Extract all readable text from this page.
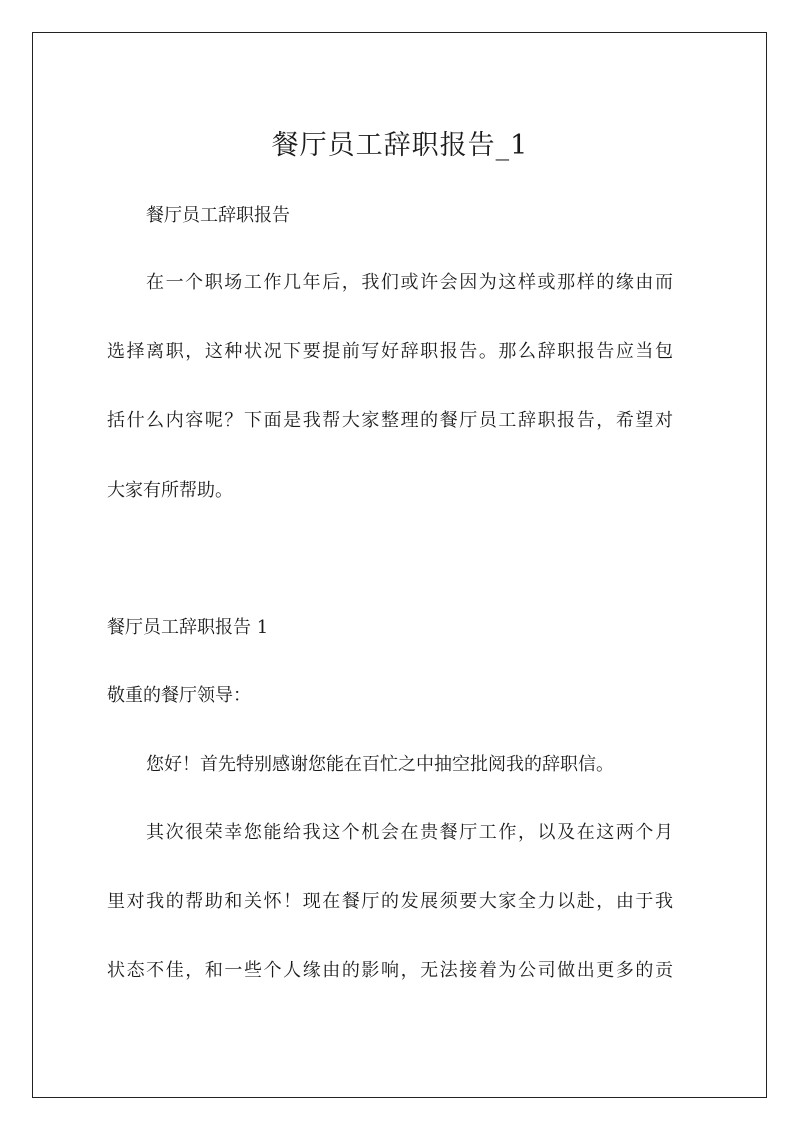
餐厅员工辞职报告_1

餐厅员工辞职报告

在一个职场工作几年后，我们或许会因为这样或那样的缘由而

选择离职，这种状况下要提前写好辞职报告。那么辞职报告应当包

括什么内容呢？下面是我帮大家整理的餐厅员工辞职报告，希望对

大家有所帮助。

餐厅员工辞职报告 1

敬重的餐厅领导：

您好！首先特别感谢您能在百忙之中抽空批阅我的辞职信。

其次很荣幸您能给我这个机会在贵餐厅工作，以及在这两个月

里对我的帮助和关怀！现在餐厅的发展须要大家全力以赴，由于我

状态不佳，和一些个人缘由的影响，无法接着为公司做出更多的贡
